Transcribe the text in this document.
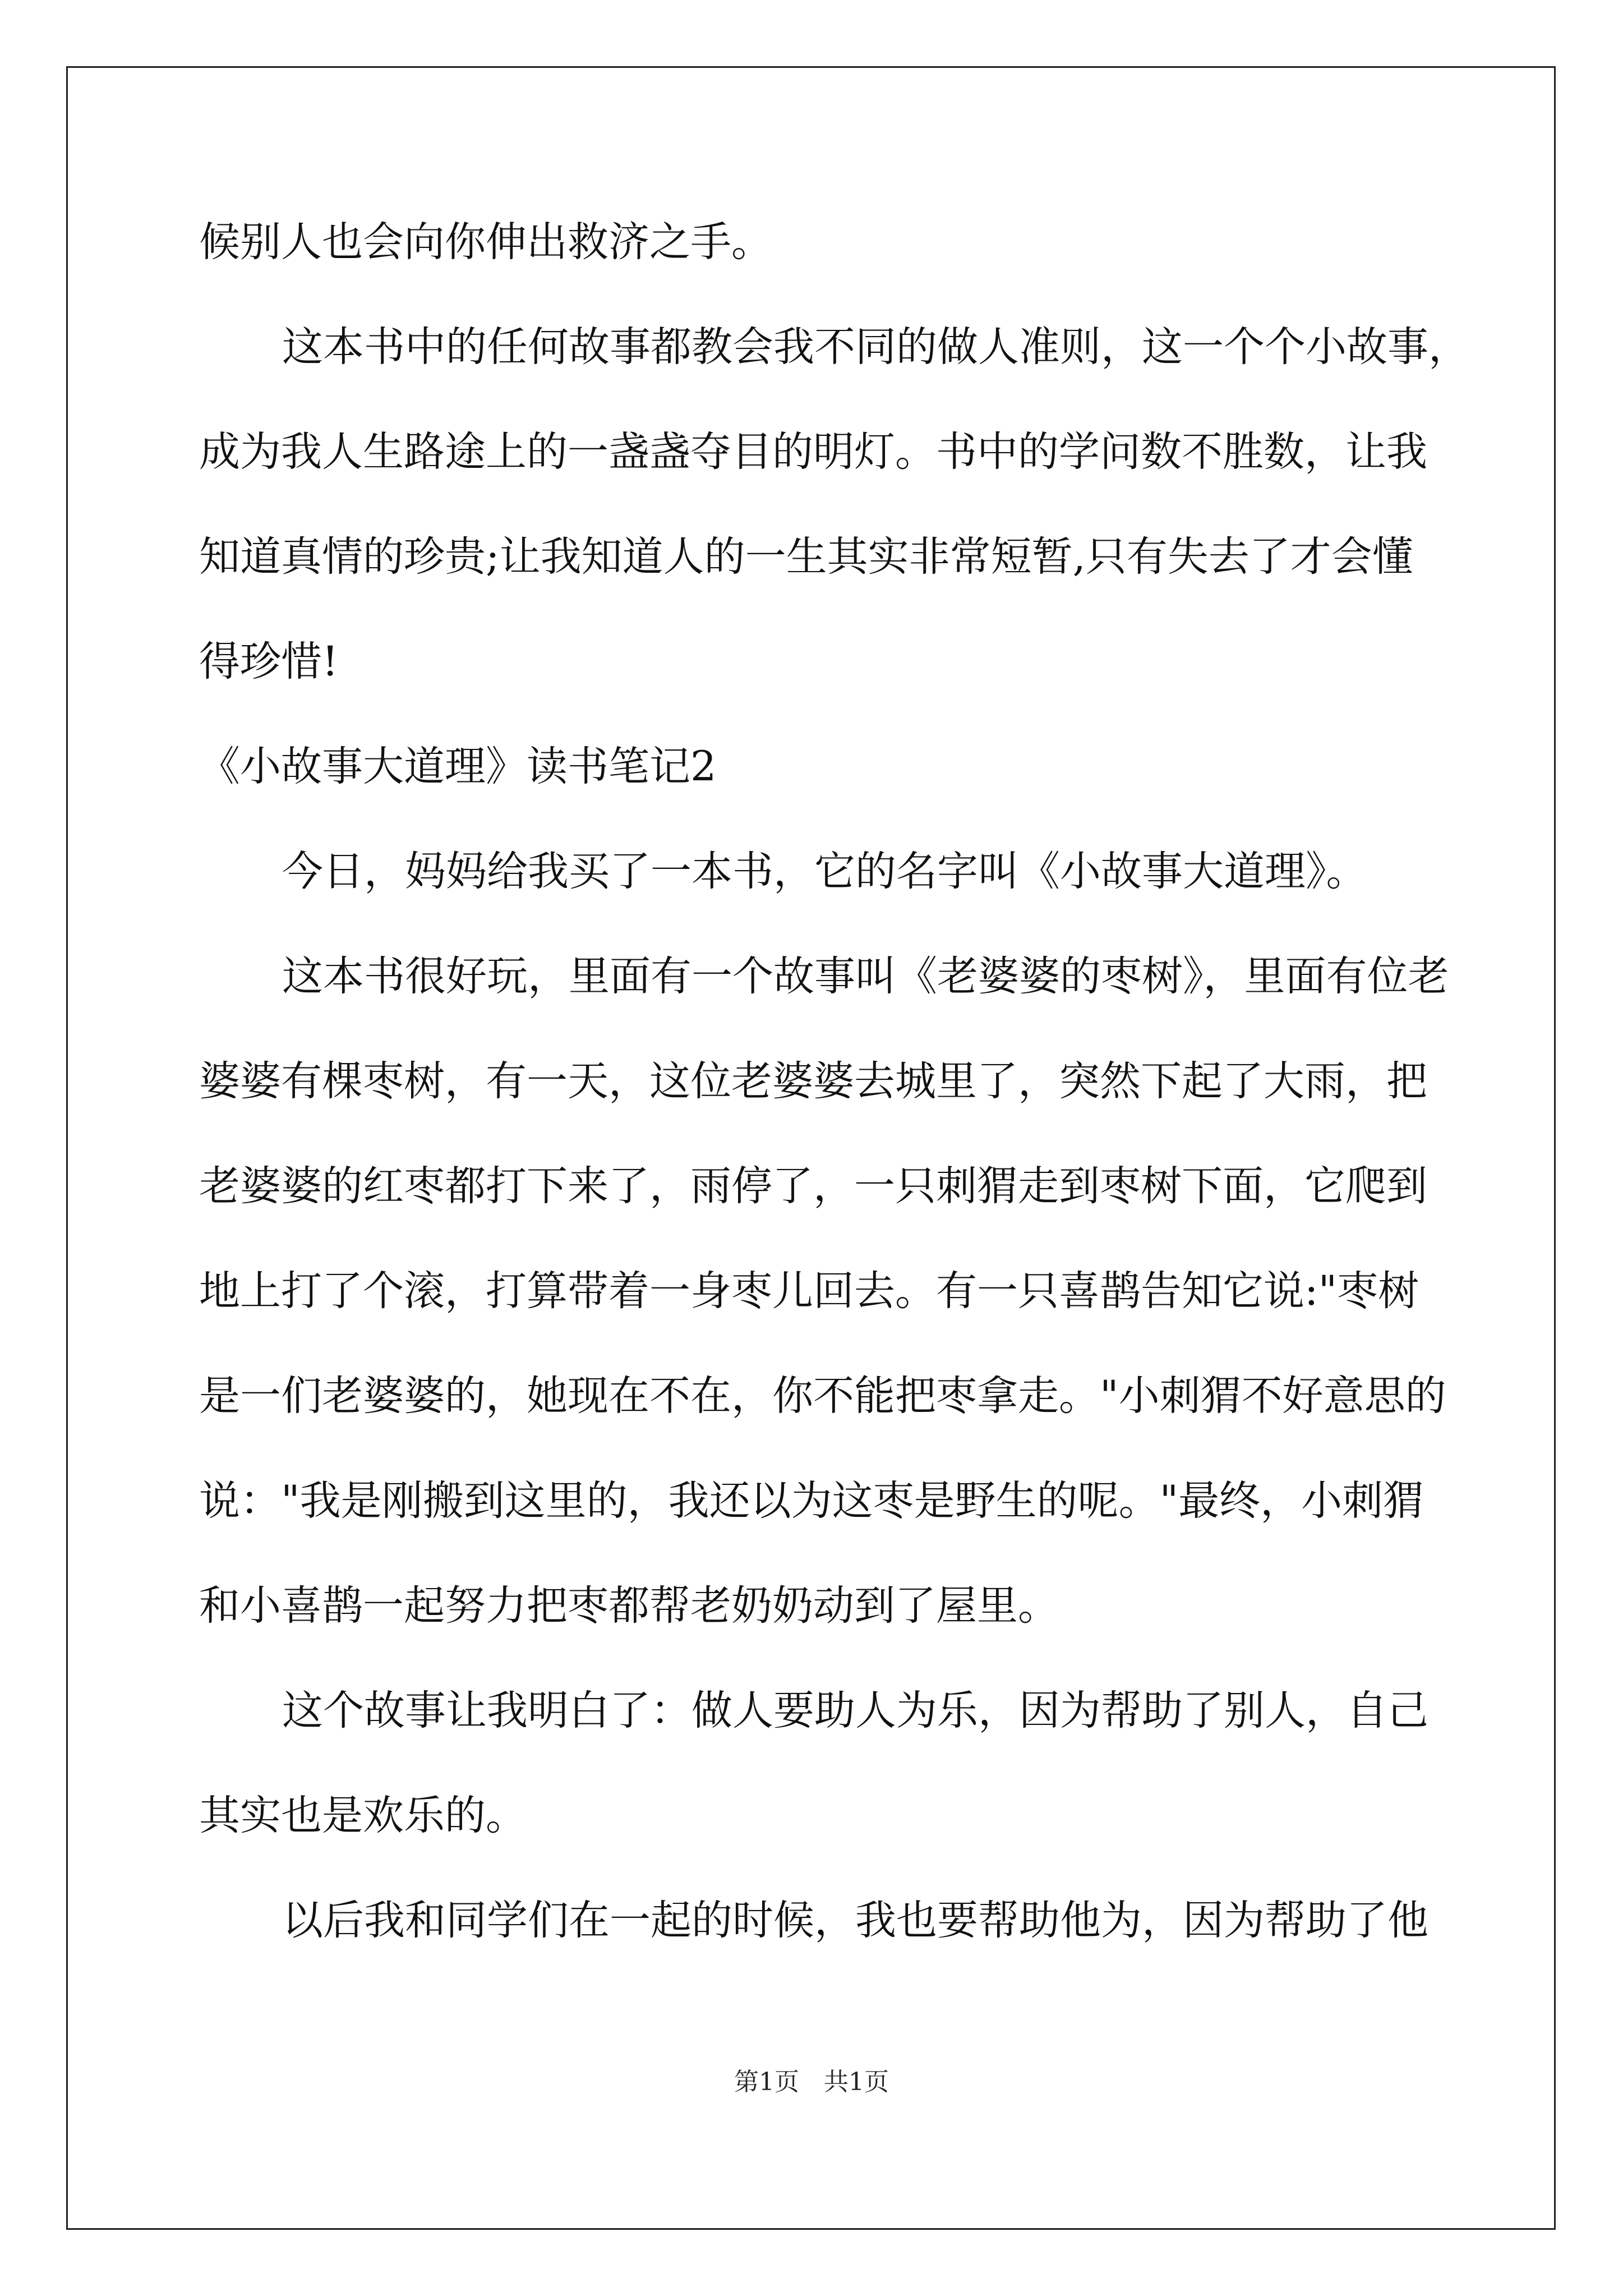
候别人也会向你伸出救济之手。
这本书中的任何故事都教会我不同的做人准则，这一个个小故事，
成为我人生路途上的一盏盏夺目的明灯。书中的学问数不胜数，让我
知道真情的珍贵;让我知道人的一生其实非常短暂,只有失去了才会懂
得珍惜!
《小故事大道理》读书笔记2
今日，妈妈给我买了一本书，它的名字叫《小故事大道理》。
这本书很好玩，里面有一个故事叫《老婆婆的枣树》，里面有位老
婆婆有棵枣树，有一天，这位老婆婆去城里了，突然下起了大雨，把
老婆婆的红枣都打下来了，雨停了，一只刺猬走到枣树下面，它爬到
地上打了个滚，打算带着一身枣儿回去。有一只喜鹊告知它说:"枣树
是一们老婆婆的，她现在不在，你不能把枣拿走。"小刺猬不好意思的
说："我是刚搬到这里的，我还以为这枣是野生的呢。"最终，小刺猬
和小喜鹊一起努力把枣都帮老奶奶动到了屋里。
这个故事让我明白了：做人要助人为乐，因为帮助了别人，自己
其实也是欢乐的。
以后我和同学们在一起的时候，我也要帮助他为，因为帮助了他
第1页　共1页
